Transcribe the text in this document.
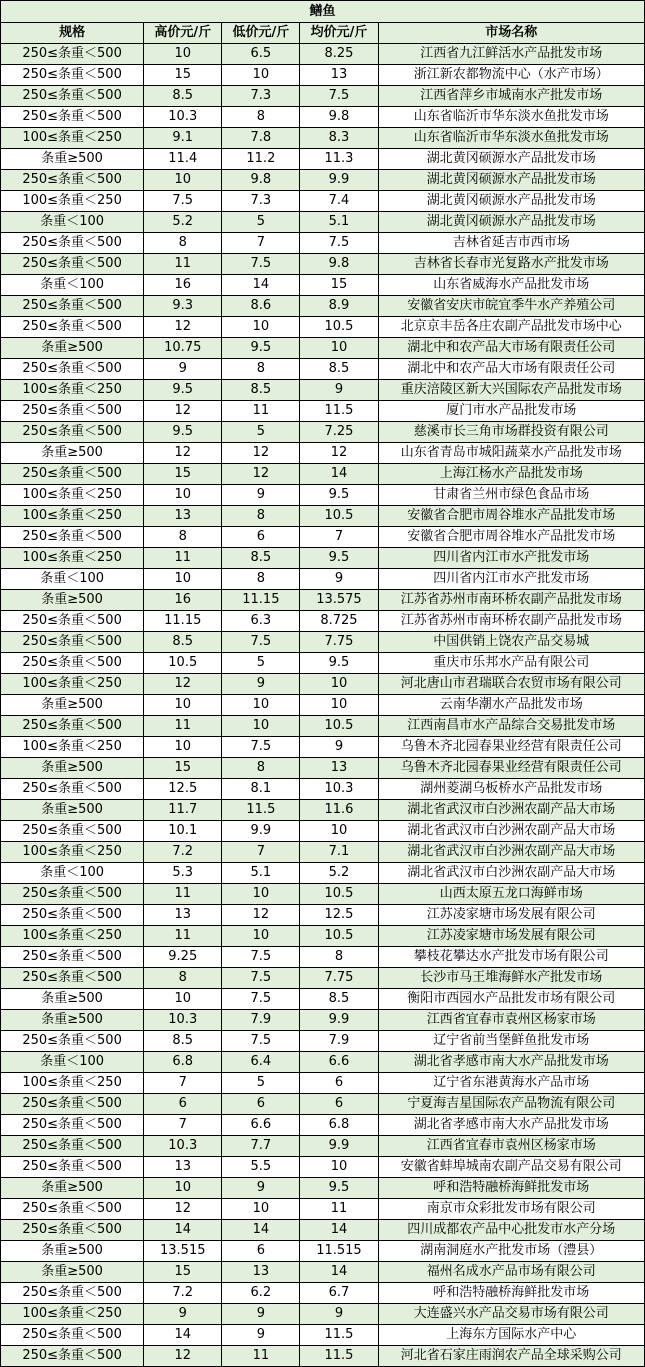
鳝鱼				
规格	高价元/斤	低价元/斤	均价元/斤	市场名称
250≤条重＜500	10	6.5	8.25	江西省九江鲜活水产品批发市场
250≤条重＜500	15	10	13	浙江新农都物流中心（水产市场）
250≤条重＜500	8.5	7.3	7.5	江西省萍乡市城南水产批发市场
250≤条重＜500	10.3	8	9.8	山东省临沂市华东淡水鱼批发市场
100≤条重＜250	9.1	7.8	8.3	山东省临沂市华东淡水鱼批发市场
条重≥500	11.4	11.2	11.3	湖北黄冈硕源水产品批发市场
250≤条重＜500	10	9.8	9.9	湖北黄冈硕源水产品批发市场
100≤条重＜250	7.5	7.3	7.4	湖北黄冈硕源水产品批发市场
条重＜100	5.2	5	5.1	湖北黄冈硕源水产品批发市场
250≤条重＜500	8	7	7.5	吉林省延吉市西市场
250≤条重＜500	11	7.5	9.8	吉林省长春市光复路水产批发市场
条重＜100	16	14	15	山东省威海水产品批发市场
250≤条重＜500	9.3	8.6	8.9	安徽省安庆市皖宜季牛水产养殖公司
250≤条重＜500	12	10	10.5	北京京丰岳各庄农副产品批发市场中心
条重≥500	10.75	9.5	10	湖北中和农产品大市场有限责任公司
250≤条重＜500	9	8	8.5	湖北中和农产品大市场有限责任公司
100≤条重＜250	9.5	8.5	9	重庆涪陵区新大兴国际农产品批发市场
250≤条重＜500	12	11	11.5	厦门市水产品批发市场
250≤条重＜500	9.5	5	7.25	慈溪市长三角市场群投资有限公司
条重≥500	12	12	12	山东省青岛市城阳蔬菜水产品批发市场
250≤条重＜500	15	12	14	上海江杨水产品批发市场
100≤条重＜250	10	9	9.5	甘肃省兰州市绿色食品市场
100≤条重＜250	13	8	10.5	安徽省合肥市周谷堆水产品批发市场
250≤条重＜500	8	6	7	安徽省合肥市周谷堆水产品批发市场
100≤条重＜250	11	8.5	9.5	四川省内江市水产批发市场
条重＜100	10	8	9	四川省内江市水产批发市场
条重≥500	16	11.15	13.575	江苏省苏州市南环桥农副产品批发市场
250≤条重＜500	11.15	6.3	8.725	江苏省苏州市南环桥农副产品批发市场
250≤条重＜500	8.5	7.5	7.75	中国供销上饶农产品交易城
250≤条重＜500	10.5	5	9.5	重庆市乐邦水产品有限公司
100≤条重＜250	12	9	10	河北唐山市君瑞联合农贸市场有限公司
条重≥500	10	10	10	云南华潮水产品批发市场
250≤条重＜500	11	10	10.5	江西南昌市水产品综合交易批发市场
100≤条重＜250	10	7.5	9	乌鲁木齐北园春果业经营有限责任公司
条重≥500	15	8	13	乌鲁木齐北园春果业经营有限责任公司
250≤条重＜500	12.5	8.1	10.3	湖州菱湖乌板桥水产品批发市场
条重≥500	11.7	11.5	11.6	湖北省武汉市白沙洲农副产品大市场
250≤条重＜500	10.1	9.9	10	湖北省武汉市白沙洲农副产品大市场
100≤条重＜250	7.2	7	7.1	湖北省武汉市白沙洲农副产品大市场
条重＜100	5.3	5.1	5.2	湖北省武汉市白沙洲农副产品大市场
250≤条重＜500	11	10	10.5	山西太原五龙口海鲜市场
250≤条重＜500	13	12	12.5	江苏凌家塘市场发展有限公司
100≤条重＜250	11	10	10.5	江苏凌家塘市场发展有限公司
250≤条重＜500	9.25	7.5	8	攀枝花攀达水产批发市场有限公司
250≤条重＜500	8	7.5	7.75	长沙市马王堆海鲜水产批发市场
条重≥500	10	7.5	8.5	衡阳市西园水产品批发市场有限公司
条重≥500	10.3	7.9	9.9	江西省宜春市袁州区杨家市场
250≤条重＜500	8.5	7.5	7.9	辽宁省前当堡鲜鱼批发市场
条重＜100	6.8	6.4	6.6	湖北省孝感市南大水产品批发市场
100≤条重＜250	7	5	6	辽宁省东港黄海水产品市场
250≤条重＜500	6	6	6	宁夏海吉星国际农产品物流有限公司
250≤条重＜500	7	6.6	6.8	湖北省孝感市南大水产品批发市场
250≤条重＜500	10.3	7.7	9.9	江西省宜春市袁州区杨家市场
250≤条重＜500	13	5.5	10	安徽省蚌埠城南农副产品交易有限公司
条重≥500	10	9	9.5	呼和浩特融桥海鲜批发市场
250≤条重＜500	12	10	11	南京市众彩批发市场有限公司
250≤条重＜500	14	14	14	四川成都农产品中心批发市水产分场
条重≥500	13.515	6	11.515	湖南洞庭水产批发市场（澧县）
条重≥500	15	13	14	福州名成水产品市场有限公司
250≤条重＜500	7.2	6.2	6.7	呼和浩特融桥海鲜批发市场
100≤条重＜250	9	9	9	大连盛兴水产品交易市场有限公司
250≤条重＜500	14	9	11.5	上海东方国际水产中心
250≤条重＜500	12	11	11.5	河北省石家庄雨润农产品全球采购公司
